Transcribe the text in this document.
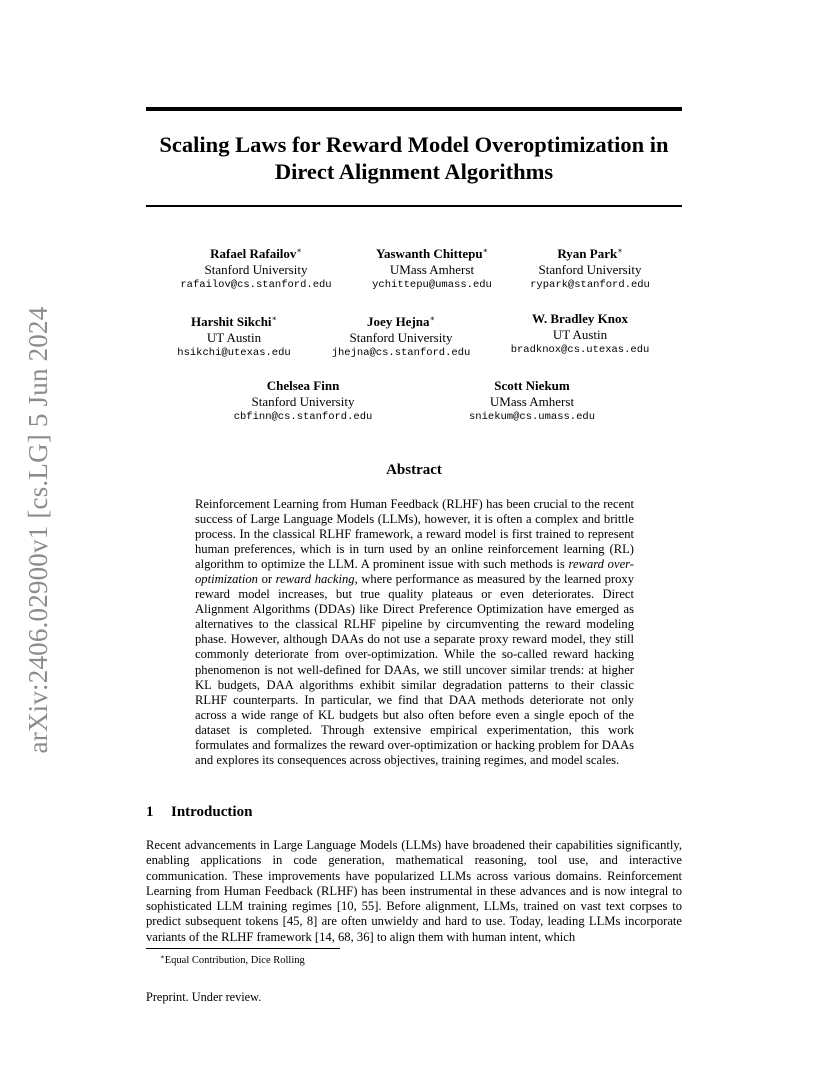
arXiv:2406.02900v1 [cs.LG] 5 Jun 2024
Scaling Laws for Reward Model Overoptimization in Direct Alignment Algorithms
Rafael Rafailov∗
Stanford University
rafailov@cs.stanford.edu
Yaswanth Chittepu∗
UMass Amherst
ychittepu@umass.edu
Ryan Park∗
Stanford University
rypark@stanford.edu
Harshit Sikchi∗
UT Austin
hsikchi@utexas.edu
Joey Hejna∗
Stanford University
jhejna@cs.stanford.edu
W. Bradley Knox
UT Austin
bradknox@cs.utexas.edu
Chelsea Finn
Stanford University
cbfinn@cs.stanford.edu
Scott Niekum
UMass Amherst
sniekum@cs.umass.edu
Abstract
Reinforcement Learning from Human Feedback (RLHF) has been crucial to the recent success of Large Language Models (LLMs), however, it is often a complex and brittle process. In the classical RLHF framework, a reward model is first trained to represent human preferences, which is in turn used by an online reinforcement learning (RL) algorithm to optimize the LLM. A prominent issue with such methods is reward over-optimization or reward hacking, where performance as measured by the learned proxy reward model increases, but true quality plateaus or even deteriorates. Direct Alignment Algorithms (DDAs) like Direct Preference Optimization have emerged as alternatives to the classical RLHF pipeline by circumventing the reward modeling phase. However, although DAAs do not use a separate proxy reward model, they still commonly deteriorate from over-optimization. While the so-called reward hacking phenomenon is not well-defined for DAAs, we still uncover similar trends: at higher KL budgets, DAA algorithms exhibit similar degradation patterns to their classic RLHF counterparts. In particular, we find that DAA methods deteriorate not only across a wide range of KL budgets but also often before even a single epoch of the dataset is completed. Through extensive empirical experimentation, this work formulates and formalizes the reward over-optimization or hacking problem for DAAs and explores its consequences across objectives, training regimes, and model scales.
1 Introduction
Recent advancements in Large Language Models (LLMs) have broadened their capabilities significantly, enabling applications in code generation, mathematical reasoning, tool use, and interactive communication. These improvements have popularized LLMs across various domains. Reinforcement Learning from Human Feedback (RLHF) has been instrumental in these advances and is now integral to sophisticated LLM training regimes [10, 55]. Before alignment, LLMs, trained on vast text corpses to predict subsequent tokens [45, 8] are often unwieldy and hard to use. Today, leading LLMs incorporate variants of the RLHF framework [14, 68, 36] to align them with human intent, which
∗Equal Contribution, Dice Rolling
Preprint. Under review.
